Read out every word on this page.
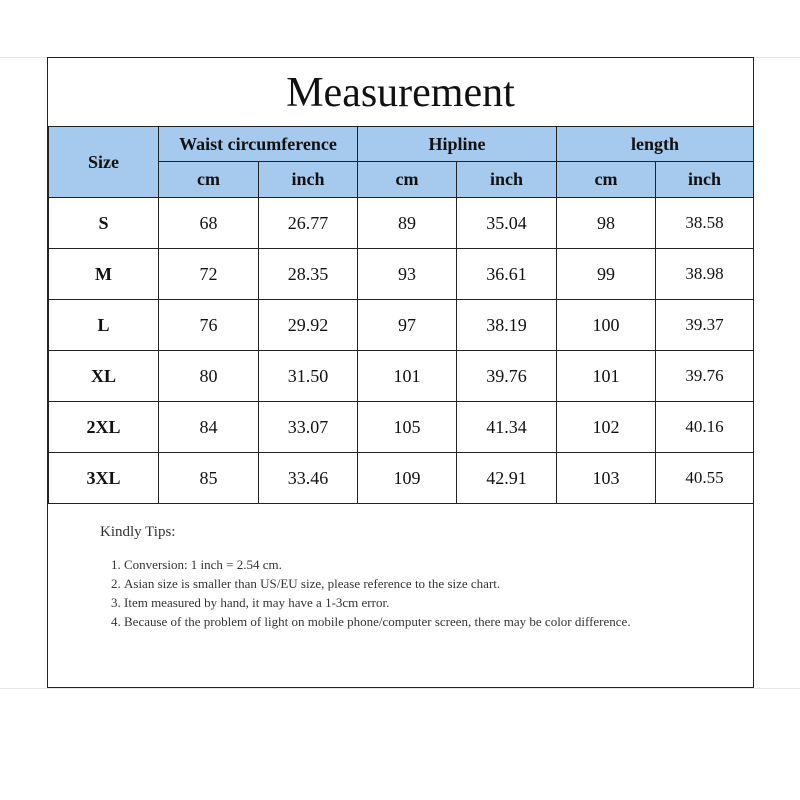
Measurement
Size	Waist circumference		Hipline		length	
	cm	inch	cm	inch	cm	inch
S	68	26.77	89	35.04	98	38.58
M	72	28.35	93	36.61	99	38.98
L	76	29.92	97	38.19	100	39.37
XL	80	31.50	101	39.76	101	39.76
2XL	84	33.07	105	41.34	102	40.16
3XL	85	33.46	109	42.91	103	40.55
Kindly Tips:
1. Conversion: 1 inch = 2.54 cm.
2. Asian size is smaller than US/EU size, please reference to the size chart.
3. Item measured by hand, it may have a 1-3cm error.
4. Because of the problem of light on mobile phone/computer screen, there may be color difference.
